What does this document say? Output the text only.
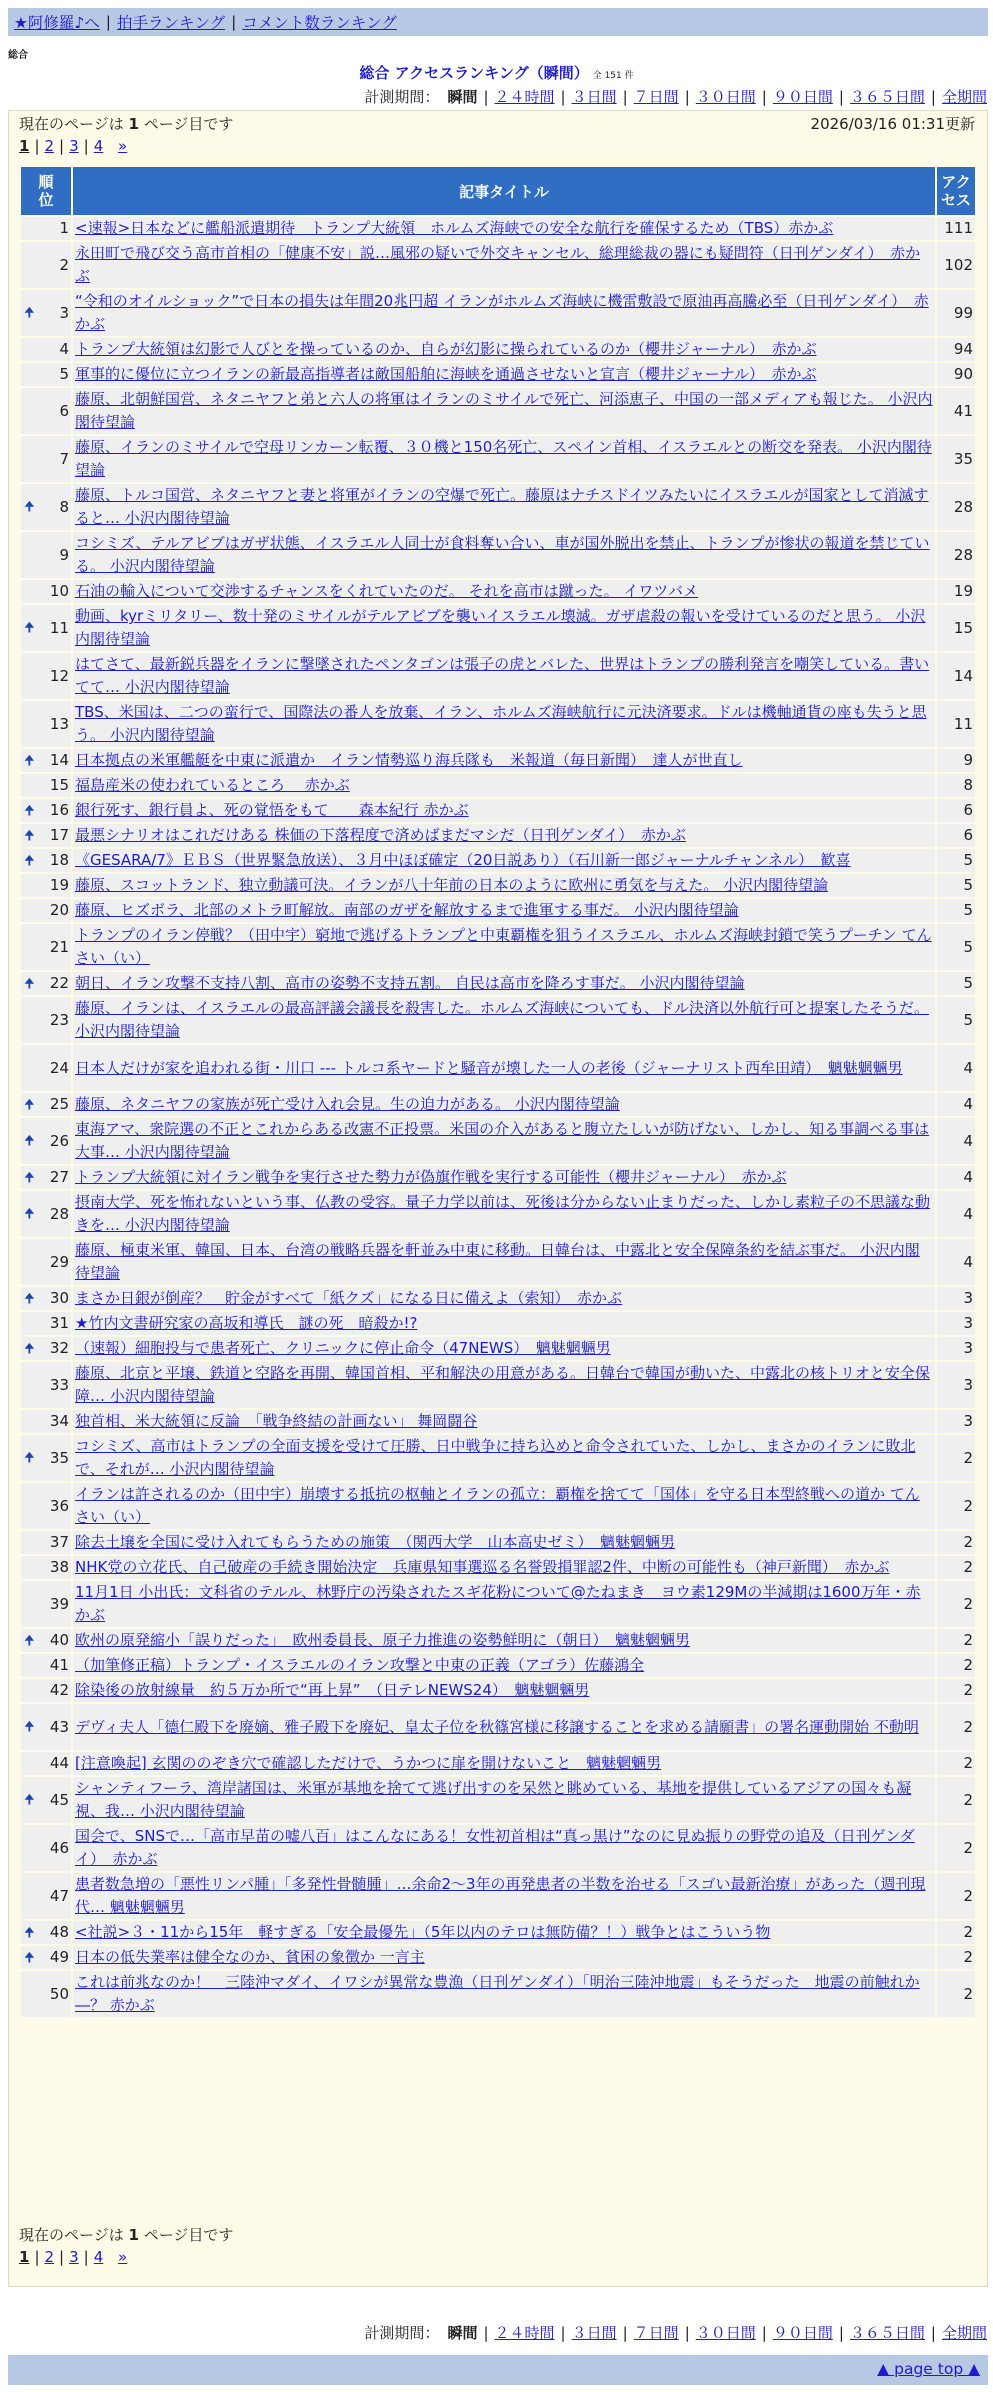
★阿修羅♪へ | 拍手ランキング | コメント数ランキング
総合
総合 アクセスランキング（瞬間） 全 151 件
計測期間： 瞬間 | ２４時間 | ３日間 | ７日間 | ３０日間 | ９０日間 | ３６５日間 | 全期間
現在のページは 1 ページ目です	2026/03/16 01:31更新
1 | 2 | 3 | 4 »
順位	記事タイトル	アクセス
1	<速報>日本などに艦船派遣期待　トランプ大統領　ホルムズ海峡での安全な航行を確保するため（TBS）赤かぶ	111
2	永田町で飛び交う高市首相の「健康不安」説…風邪の疑いで外交キャンセル、総理総裁の器にも疑問符（日刊ゲンダイ）　赤かぶ	102

🠉 3	“令和のオイルショック”で日本の損失は年間20兆円超 イランがホルムズ海峡に機雷敷設で原油再高騰必至（日刊ゲンダイ）　赤かぶ	99
4	トランプ大統領は幻影で人びとを操っているのか、自らが幻影に操られているのか（櫻井ジャーナル）　赤かぶ	94
5	軍事的に優位に立つイランの新最高指導者は敵国船舶に海峡を通過させないと宣言（櫻井ジャーナル）　赤かぶ	90
6	藤原、北朝鮮国営、ネタニヤフと弟と六人の将軍はイランのミサイルで死亡、河添恵子、中国の一部メディアも報じた。 小沢内閣待望論	41
7	藤原、イランのミサイルで空母リンカーン転覆、３０機と150名死亡、スペイン首相、イスラエルとの断交を発表。 小沢内閣待望論	35

🠉 8	藤原、トルコ国営、ネタニヤフと妻と将軍がイランの空爆で死亡。藤原はナチスドイツみたいにイスラエルが国家として消滅すると… 小沢内閣待望論	28
9	コシミズ、テルアビブはガザ状態、イスラエル人同士が食料奪い合い、車が国外脱出を禁止、トランプが惨状の報道を禁じている。 小沢内閣待望論	28
10	石油の輸入について交渉するチャンスをくれていたのだ。 それを高市は蹴った。 イワツバメ	19

🠉 11	動画、kyrミリタリー、数十発のミサイルがテルアビブを襲いイスラエル壊滅。ガザ虐殺の報いを受けているのだと思う。 小沢内閣待望論	15
12	はてさて、最新鋭兵器をイランに撃墜されたペンタゴンは張子の虎とバレた、世界はトランプの勝利発言を嘲笑している。書いてて… 小沢内閣待望論	14
13	TBS、米国は、二つの蛮行で、国際法の番人を放棄、イラン、ホルムズ海峡航行に元決済要求。ドルは機軸通貨の座も失うと思う。 小沢内閣待望論	11

🠉 14	日本拠点の米軍艦艇を中東に派遣か　イラン情勢巡り海兵隊も　米報道（毎日新聞）　達人が世直し	9
15	福島産米の使われているところ　 赤かぶ	8

🠉 16	銀行死す、銀行員よ、死の覚悟をもて　　森本紀行 赤かぶ	6

🠉 17	最悪シナリオはこれだけある 株価の下落程度で済めばまだマシだ（日刊ゲンダイ）　赤かぶ	6

🠉 18	《GESARA/7》ＥＢＳ（世界緊急放送）、３月中ほぼ確定（20日説あり）（石川新一郎ジャーナルチャンネル）　歓喜	5
19	藤原、スコットランド、独立動議可決。イランが八十年前の日本のように欧州に勇気を与えた。 小沢内閣待望論	5
20	藤原、ヒズボラ、北部のメトラ町解放。南部のガザを解放するまで進軍する事だ。 小沢内閣待望論	5
21	トランプのイラン停戦？（田中宇）窮地で逃げるトランプと中東覇権を狙うイスラエル、ホルムズ海峡封鎖で笑うプーチン てんさい（い）	5

🠉 22	朝日、イラン攻撃不支持八割、高市の姿勢不支持五割。 自民は高市を降ろす事だ。 小沢内閣待望論	5
23	藤原、イランは、イスラエルの最高評議会議長を殺害した。ホルムズ海峡についても、ドル決済以外航行可と提案したそうだ。 小沢内閣待望論	5
24	日本人だけが家を追われる街・川口 --- トルコ系ヤードと騒音が壊した一人の老後（ジャーナリスト西牟田靖）　魑魅魍魎男	4

🠉 25	藤原、ネタニヤフの家族が死亡受け入れ会見。生の迫力がある。 小沢内閣待望論	4

🠉 26	東海アマ、衆院選の不正とこれからある改憲不正投票。米国の介入があると腹立たしいが防げない、しかし、知る事調べる事は大事… 小沢内閣待望論	4

🠉 27	トランプ大統領に対イラン戦争を実行させた勢力が偽旗作戦を実行する可能性（櫻井ジャーナル）　赤かぶ	4

🠉 28	摂南大学、死を怖れないという事、仏教の受容。量子力学以前は、死後は分からない止まりだった、しかし素粒子の不思議な動きを… 小沢内閣待望論	4
29	藤原、極東米軍、韓国、日本、台湾の戦略兵器を軒並み中東に移動。日韓台は、中露北と安全保障条約を結ぶ事だ。 小沢内閣待望論	4

🠉 30	まさか日銀が倒産？　貯金がすべて「紙クズ」になる日に備えよ（索知）　赤かぶ	3
31	★竹内文書研究家の高坂和導氏　謎の死　暗殺か!?	3

🠉 32	（速報）細胞投与で患者死亡、クリニックに停止命令（47NEWS）　魑魅魍魎男	3
33	藤原、北京と平壌、鉄道と空路を再開、韓国首相、平和解決の用意がある。日韓台で韓国が動いた、中露北の核トリオと安全保障… 小沢内閣待望論	3
34	独首相、米大統領に反論　「戦争終結の計画ない」 舞岡闘谷	3

🠉 35	コシミズ、高市はトランプの全面支援を受けて圧勝、日中戦争に持ち込めと命令されていた、しかし、まさかのイランに敗北で、それが… 小沢内閣待望論	2
36	イランは許されるのか（田中宇）崩壊する抵抗の枢軸とイランの孤立：覇権を捨てて「国体」を守る日本型終戦への道か てんさい（い）	2
37	除去土壌を全国に受け入れてもらうための施策　（関西大学　山本高史ゼミ）　魑魅魍魎男	2
38	NHK党の立花氏、自己破産の手続き開始決定　兵庫県知事選巡る名誉毀損罪認2件、中断の可能性も（神戸新聞）　赤かぶ	2
39	11月1日 小出氏：文科省のテルル、林野庁の汚染されたスギ花粉について@たねまき　ヨウ素129Mの半減期は1600万年・赤かぶ	2

🠉 40	欧州の原発縮小「誤りだった」　欧州委員長、原子力推進の姿勢鮮明に（朝日）　魑魅魍魎男	2
41	（加筆修正稿）トランプ・イスラエルのイラン攻撃と中東の正義（アゴラ）佐藤鴻全	2
42	除染後の放射線量　約５万か所で“再上昇”　（日テレNEWS24）　魑魅魍魎男	2

🠉 43	デヴィ夫人「德仁殿下を廃嫡、雅子殿下を廃妃、皇太子位を秋篠宮様に移譲することを求める請願書」の署名運動開始 不動明	2
44	[注意喚起] 玄関ののぞき穴で確認しただけで、うかつに扉を開けないこと　魑魅魍魎男	2

🠉 45	シャンティフーラ、湾岸諸国は、米軍が基地を捨てて逃げ出すのを呆然と眺めている、基地を提供しているアジアの国々も凝視、我… 小沢内閣待望論	2
46	国会で、SNSで…「高市早苗の嘘八百」はこんなにある！女性初首相は“真っ黒け”なのに見ぬ振りの野党の追及（日刊ゲンダイ）　赤かぶ	2
47	患者数急増の「悪性リンパ腫」「多発性骨髄腫」…余命2～3年の再発患者の半数を治せる「スゴい最新治療」があった（週刊現代… 魑魅魍魎男	2

🠉 48	<社説>３・11から15年　軽すぎる「安全最優先」（5年以内のテロは無防備？！）戦争とはこういう物	2

🠉 49	日本の低失業率は健全なのか、貧困の象徴か 一言主	2
50	これは前兆なのか！　三陸沖マダイ、イワシが異常な豊漁（日刊ゲンダイ）「明治三陸沖地震」もそうだった　地震の前触れか―？ 赤かぶ	2
現在のページは 1 ページ目です
1 | 2 | 3 | 4 »
計測期間： 瞬間 | ２４時間 | ３日間 | ７日間 | ３０日間 | ９０日間 | ３６５日間 | 全期間
▲ page top ▲
